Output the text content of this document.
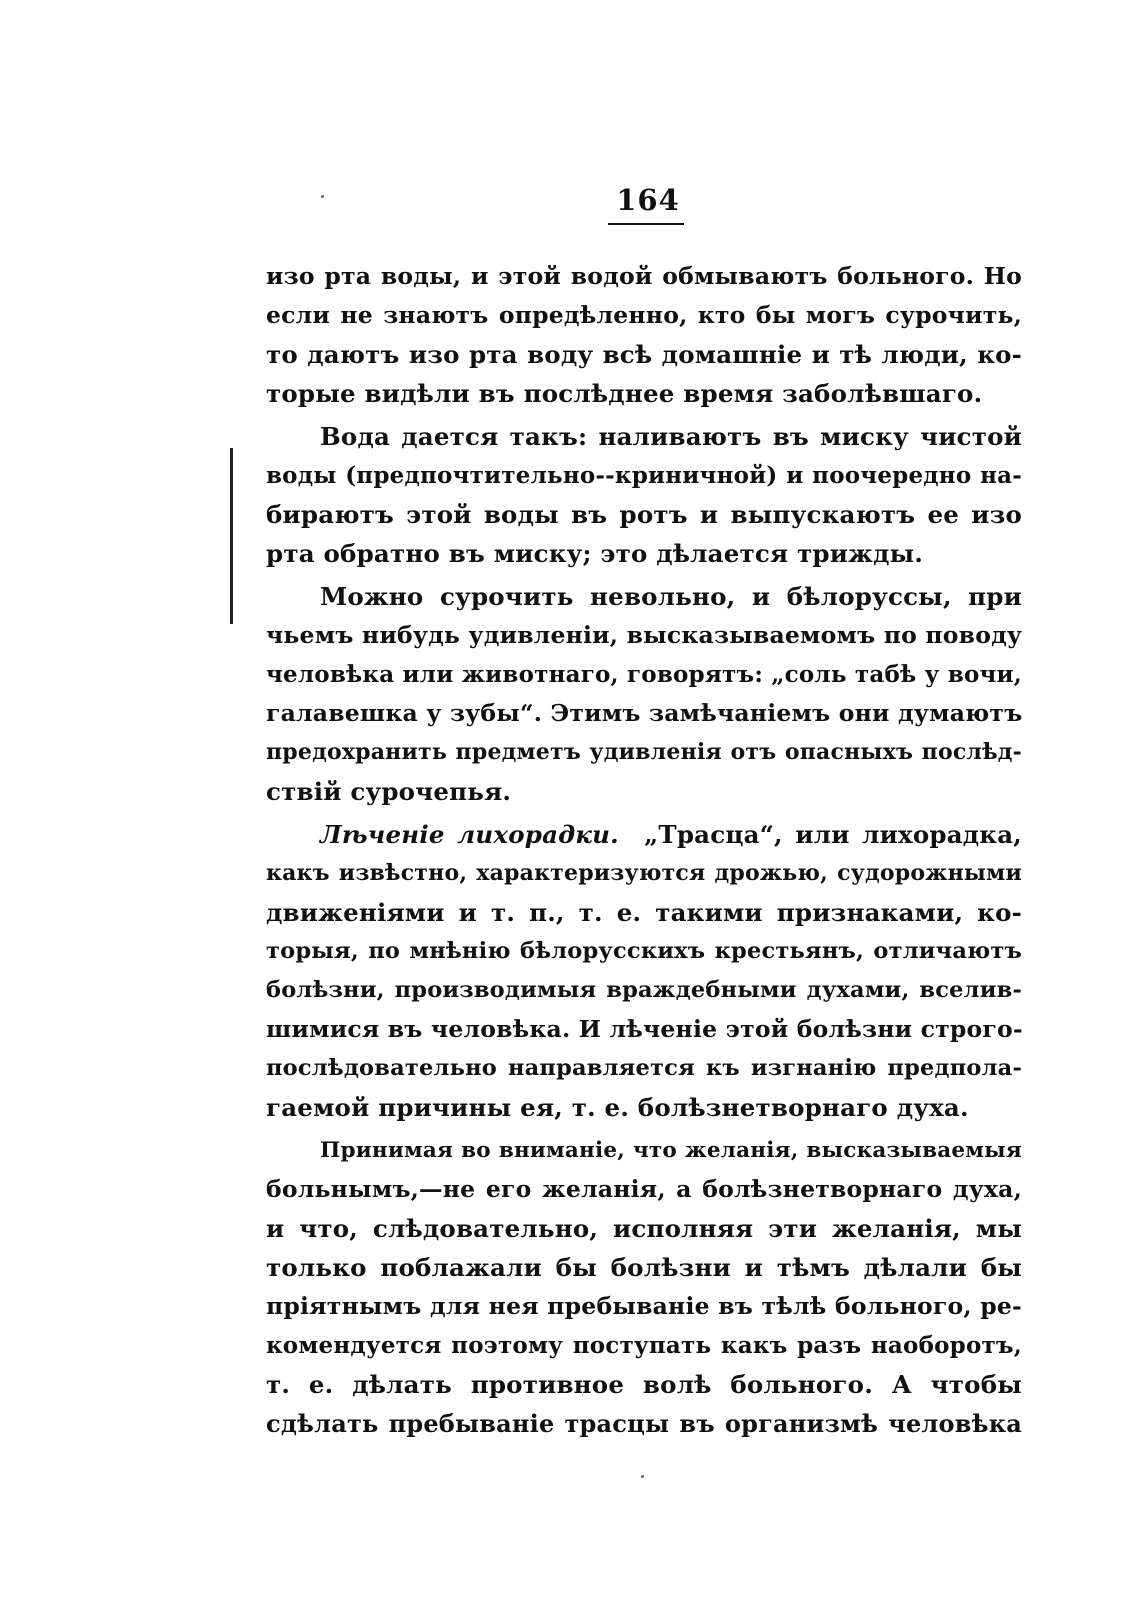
164
изо рта воды, и этой водой обмываютъ больного. Но
если не знаютъ опредѣленно, кто бы могъ сурочить,
то даютъ изо рта воду всѣ домашніе и тѣ люди, ко-
торые видѣли въ послѣднее время заболѣвшаго.
Вода дается такъ: наливаютъ въ миску чистой
воды (предпочтительно--криничной) и поочередно на-
бираютъ этой воды въ ротъ и выпускаютъ ее изо
рта обратно въ миску; это дѣлается трижды.
Можно сурочить невольно, и бѣлоруссы, при
чьемъ нибудь удивленіи, высказываемомъ по поводу
человѣка или животнаго, говорятъ: „соль табѣ у вочи,
галавешка у зубы“. Этимъ замѣчаніемъ они думаютъ
предохранить предметъ удивленія отъ опасныхъ послѣд-
ствій сурочепья.
Лѣченіе лихорадки. „Трасца“, или лихорадка,
какъ извѣстно, характеризуются дрожью, судорожными
движеніями и т. п., т. е. такими признаками, ко-
торыя, по мнѣнію бѣлорусскихъ крестьянъ, отличаютъ
болѣзни, производимыя враждебными духами, вселив-
шимися въ человѣка. И лѣченіе этой болѣзни строго-
послѣдовательно направляется къ изгнанію предпола-
гаемой причины ея, т. е. болѣзнетворнаго духа.
Принимая во вниманіе, что желанія, высказываемыя
больнымъ,—не его желанія, а болѣзнетворнаго духа,
и что, слѣдовательно, исполняя эти желанія, мы
только поблажали бы болѣзни и тѣмъ дѣлали бы
пріятнымъ для нея пребываніе въ тѣлѣ больного, ре-
комендуется поэтому поступать какъ разъ наоборотъ,
т. е. дѣлать противное волѣ больного. А чтобы
сдѣлать пребываніе трасцы въ организмѣ человѣка
